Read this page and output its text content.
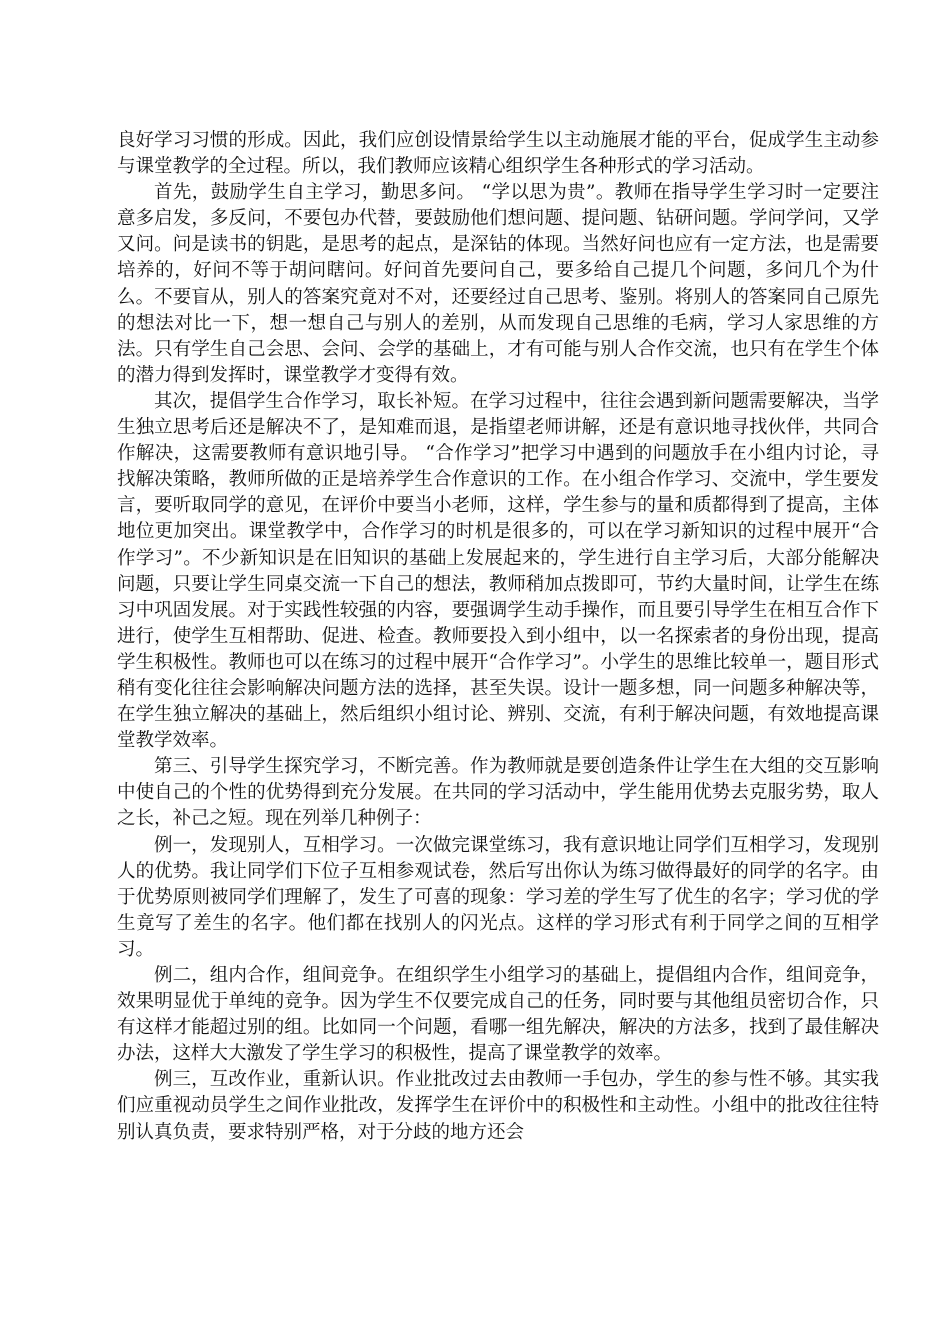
良好学习习惯的形成。因此，我们应创设情景给学生以主动施展才能的平台，促成学生主动参与课堂教学的全过程。所以，我们教师应该精心组织学生各种形式的学习活动。

首先，鼓励学生自主学习，勤思多问。 “学以思为贵”。教师在指导学生学习时一定要注意多启发，多反问，不要包办代替，要鼓励他们想问题、提问题、钻研问题。学问学问，又学又问。问是读书的钥匙，是思考的起点，是深钻的体现。当然好问也应有一定方法，也是需要培养的，好问不等于胡问瞎问。好问首先要问自己，要多给自己提几个问题，多问几个为什么。不要盲从，别人的答案究竟对不对，还要经过自己思考、鉴别。将别人的答案同自己原先的想法对比一下，想一想自己与别人的差别，从而发现自己思维的毛病，学习人家思维的方法。只有学生自己会思、会问、会学的基础上，才有可能与别人合作交流，也只有在学生个体的潜力得到发挥时，课堂教学才变得有效。

其次，提倡学生合作学习，取长补短。在学习过程中，往往会遇到新问题需要解决，当学生独立思考后还是解决不了，是知难而退，是指望老师讲解，还是有意识地寻找伙伴，共同合作解决，这需要教师有意识地引导。 “合作学习”把学习中遇到的问题放手在小组内讨论，寻找解决策略，教师所做的正是培养学生合作意识的工作。在小组合作学习、交流中，学生要发言，要听取同学的意见，在评价中要当小老师，这样，学生参与的量和质都得到了提高，主体地位更加突出。课堂教学中，合作学习的时机是很多的，可以在学习新知识的过程中展开“合作学习”。不少新知识是在旧知识的基础上发展起来的，学生进行自主学习后，大部分能解决问题，只要让学生同桌交流一下自己的想法，教师稍加点拨即可，节约大量时间，让学生在练习中巩固发展。对于实践性较强的内容，要强调学生动手操作，而且要引导学生在相互合作下进行，使学生互相帮助、促进、检查。教师要投入到小组中，以一名探索者的身份出现，提高学生积极性。教师也可以在练习的过程中展开“合作学习”。小学生的思维比较单一，题目形式稍有变化往往会影响解决问题方法的选择，甚至失误。设计一题多想，同一问题多种解决等，在学生独立解决的基础上，然后组织小组讨论、辨别、交流，有利于解决问题，有效地提高课堂教学效率。

第三、引导学生探究学习，不断完善。作为教师就是要创造条件让学生在大组的交互影响中使自己的个性的优势得到充分发展。在共同的学习活动中，学生能用优势去克服劣势，取人之长，补己之短。现在列举几种例子：

例一，发现别人，互相学习。一次做完课堂练习，我有意识地让同学们互相学习，发现别人的优势。我让同学们下位子互相参观试卷，然后写出你认为练习做得最好的同学的名字。由于优势原则被同学们理解了，发生了可喜的现象：学习差的学生写了优生的名字；学习优的学生竟写了差生的名字。他们都在找别人的闪光点。这样的学习形式有利于同学之间的互相学习。

例二，组内合作，组间竞争。在组织学生小组学习的基础上，提倡组内合作，组间竞争，效果明显优于单纯的竞争。因为学生不仅要完成自己的任务，同时要与其他组员密切合作，只有这样才能超过别的组。比如同一个问题，看哪一组先解决，解决的方法多，找到了最佳解决办法，这样大大激发了学生学习的积极性，提高了课堂教学的效率。

例三，互改作业，重新认识。作业批改过去由教师一手包办，学生的参与性不够。其实我们应重视动员学生之间作业批改，发挥学生在评价中的积极性和主动性。小组中的批改往往特别认真负责，要求特别严格，对于分歧的地方还会
